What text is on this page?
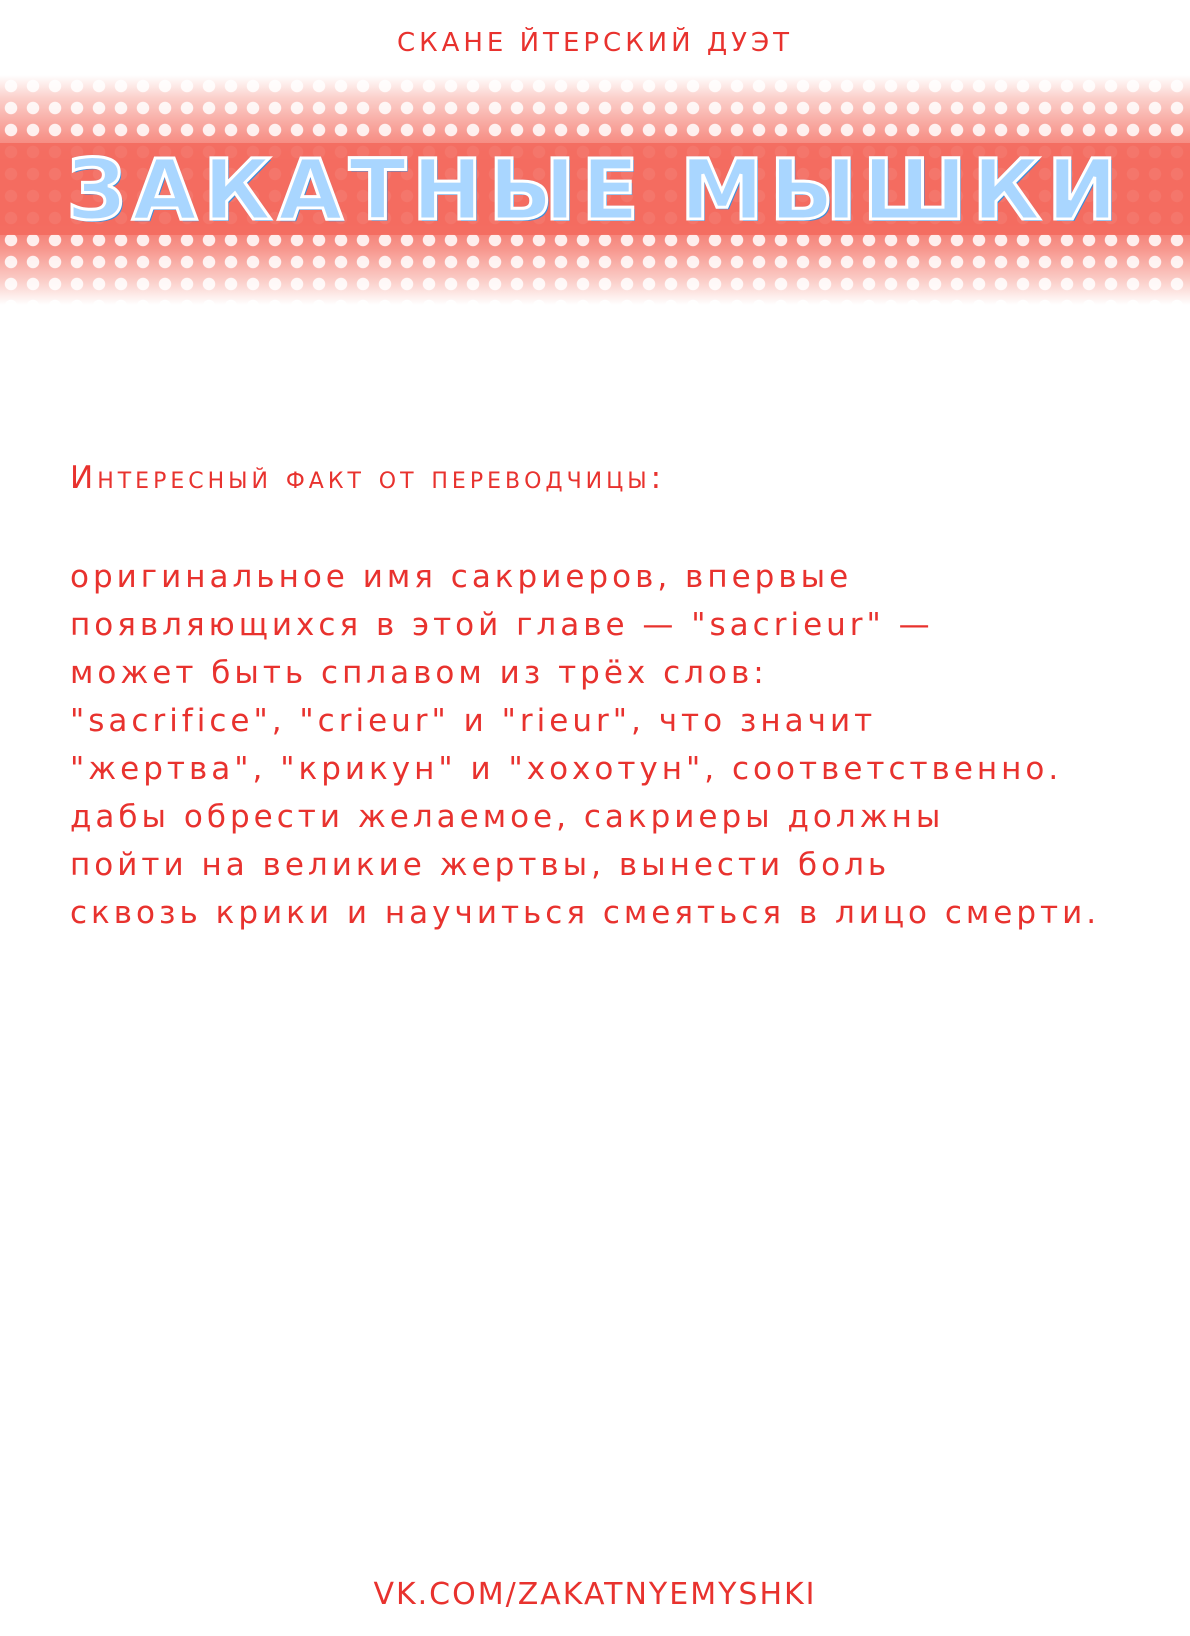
СКАНЕ ЙТЕРСКИЙ ДУЭТ
ЗАКАТНЫЕ МЫШКИ
Интересный факт от переводчицы:
оригинальное имя сакриеров, впервые
появляющихся в этой главе — "sacrieur" —
может быть сплавом из трёх слов:
"sacrifice", "crieur" и "rieur", что значит
"жертва", "крикун" и "хохотун", соответственно.
дабы обрести желаемое, сакриеры должны
пойти на великие жертвы, вынести боль
сквозь крики и научиться смеяться в лицо смерти.
VK.COM/ZAKATNYEMYSHKI
